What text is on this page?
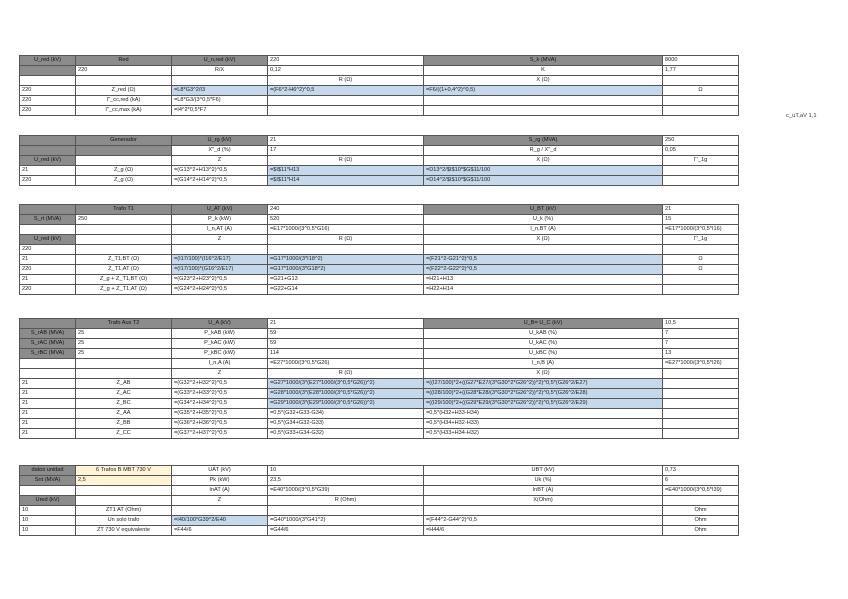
U_red (kV)	Red	U_n,red (kV)	220	S_k (MVA)	8000
	220	R/X	0,12	K	1,77
			R (Ω)	X (Ω)	
220	Z_red (Ω)	=L8*G3^2/I3	=(F6^2-H6^2)^0,5	=F6/((1+0,4^2)^0,5)	Ω
220	I"_cc,red (kA)	=L8*G3/(3^0,5*F6)			
220	I"_cc,max (kA)	=I4^2*0,5*F7			
	Generador	U_rg (kV)	21	S_rg (MVA)	250
		X"_d (%)	17	R_g / X"_d	0,05
U_red (kV)		Z	R (Ω)	X (Ω)	Γ'_1g
21	Z_g (Ω)	=(G13^2+H13^2)^0,5	=$I$11*H13	=D13^2/$I$10*$G$11/100	
220	Z_g (Ω)	=(G14^2+H14^2)^0,5	=$I$11*H14	=D14^2/$I$10*$G$11/100	
	Trafo T1	U_AT (kV)	240	U_BT (kV)	21
S_rt (MVA)	250	P_k (kW)	520	U_k (%)	15
		I_n,AT (A)	=E17*1000/(3^0,5*G16)	I_n,BT (A)	=E17*1000/(3^0,5*I16)
U_red (kV)		Z	R (Ω)	X (Ω)	Γ'_1g
220					
21	Z_T1,BT (Ω)	=(I17/100)*(I16^2/E17)	=G17*1000/(3*I18^2)	=(F21^2-G21^2)^0,5	Ω
220	Z_T1,AT (Ω)	=(I17/100)*(G16^2/E17)	=G17*1000/(3*G18^2)	=(F22^2-G22^2)^0,5	Ω
21	Z_g + Z_T1,BT (Ω)	=(G23^2+H23^2)^0,5	=G21+G13	=H21+H13	
220	Z_g + Z_T1,AT (Ω)	=(G24^2+H24^2)^0,5	=G22+G14	=H22+H14	
	Trafo Aux T2	U_A (kV)	21	U_B= U_C (kV)	10,5
S_rAB (MVA)	25	P_kAB (kW)	59	U_kAB (%)	7
S_rAC (MVA)	25	P_kAC (kW)	59	U_kAC (%)	7
S_rBC (MVA)	25	P_kBC (kW)	114	U_kBC (%)	13
		I_n,A (A)	=E27*1000/(3^0,5*G26)	I_n,B (A)	=E27*1000/(3^0,5*I26)
		Z	R (Ω)	X (Ω)	
21	Z_AB	=(G32^2+H32^2)^0,5	=G27*1000/(3*(E27*1000/(3^0,5*G26))^2)	=((I27/100)*2+((G27*E27/(3*G30^2*G26^2))^2)^0,5*(G26^2/E27)	
21	Z_AC	=(G33^2+H33^2)^0,5	=G28*1000/(3*(E28*1000/(3^0,5*G26))^2)	=((I28/100)*2+((G28*E28/(3*G30^2*G26^2))^2)^0,5*(G26^2/E28)	
21	Z_BC	=(G34^2+H34^2)^0,5	=G29*1000/(3*(E29*1000/(3^0,5*G26))^2)	=((I29/100)*2+((G29*E29/(3*G30^2*G26^2))^2)^0,5*(G26^2/E29)	
21	Z_AA	=(G35^2+H35^2)^0,5	=0,5*(G32+G33-G34)	=0,5*(H32+H33-H34)	
21	Z_BB	=(G36^2+H36^2)^0,5	=0,5*(G34+G32-G33)	=0,5*(H34+H32-H33)	
21	Z_CC	=(G37^2+H37^2)^0,5	=0,5*(G33+G34-G32)	=0,5*(H33+H34-H32)	
datos unidad	6 Trafos B MBT 730 V	UAT (kV)	10	UBT (kV)	0,73
Snt (MVA)	2,5	Pk (kW)	23,5	Uk (%)	6
		InAT (A)	=E40*1000/(3^0,5*G39)	InBT (A)	=E40*1000/(3^0,5*I39)
Ured (kV)		Z	R (Ohm)	X(Ohm)	
10	ZT1 AT (Ohm)				Ohm
10	Un solo trafo	=I40/100*G39^2/E40	=G40*1000/(3*G41^2)	=(F44^2-G44^2)^0,5	Ohm
10	ZT 730 V equivalente	=F44/6	=G44/6	=H44/6	Ohm
c_uT,aV 1,1
